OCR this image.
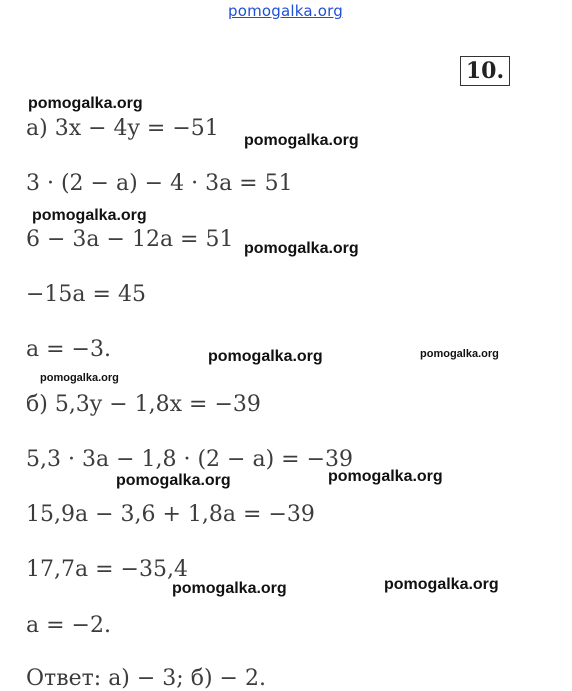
pomogalka.org
10.
а) 3x − 4y = −51
3 · (2 − a) − 4 · 3a = 51
6 − 3a − 12a = 51
−15a = 45
a = −3.
б) 5,3y − 1,8x = −39
5,3 · 3a − 1,8 · (2 − a) = −39
15,9a − 3,6 + 1,8a = −39
17,7a = −35,4
a = −2.
Ответ: а) − 3; б) − 2.
pomogalka.org
pomogalka.org
pomogalka.org
pomogalka.org
pomogalka.org	pomogalka.org
pomogalka.org
pomogalka.org	pomogalka.org
pomogalka.org	pomogalka.org
